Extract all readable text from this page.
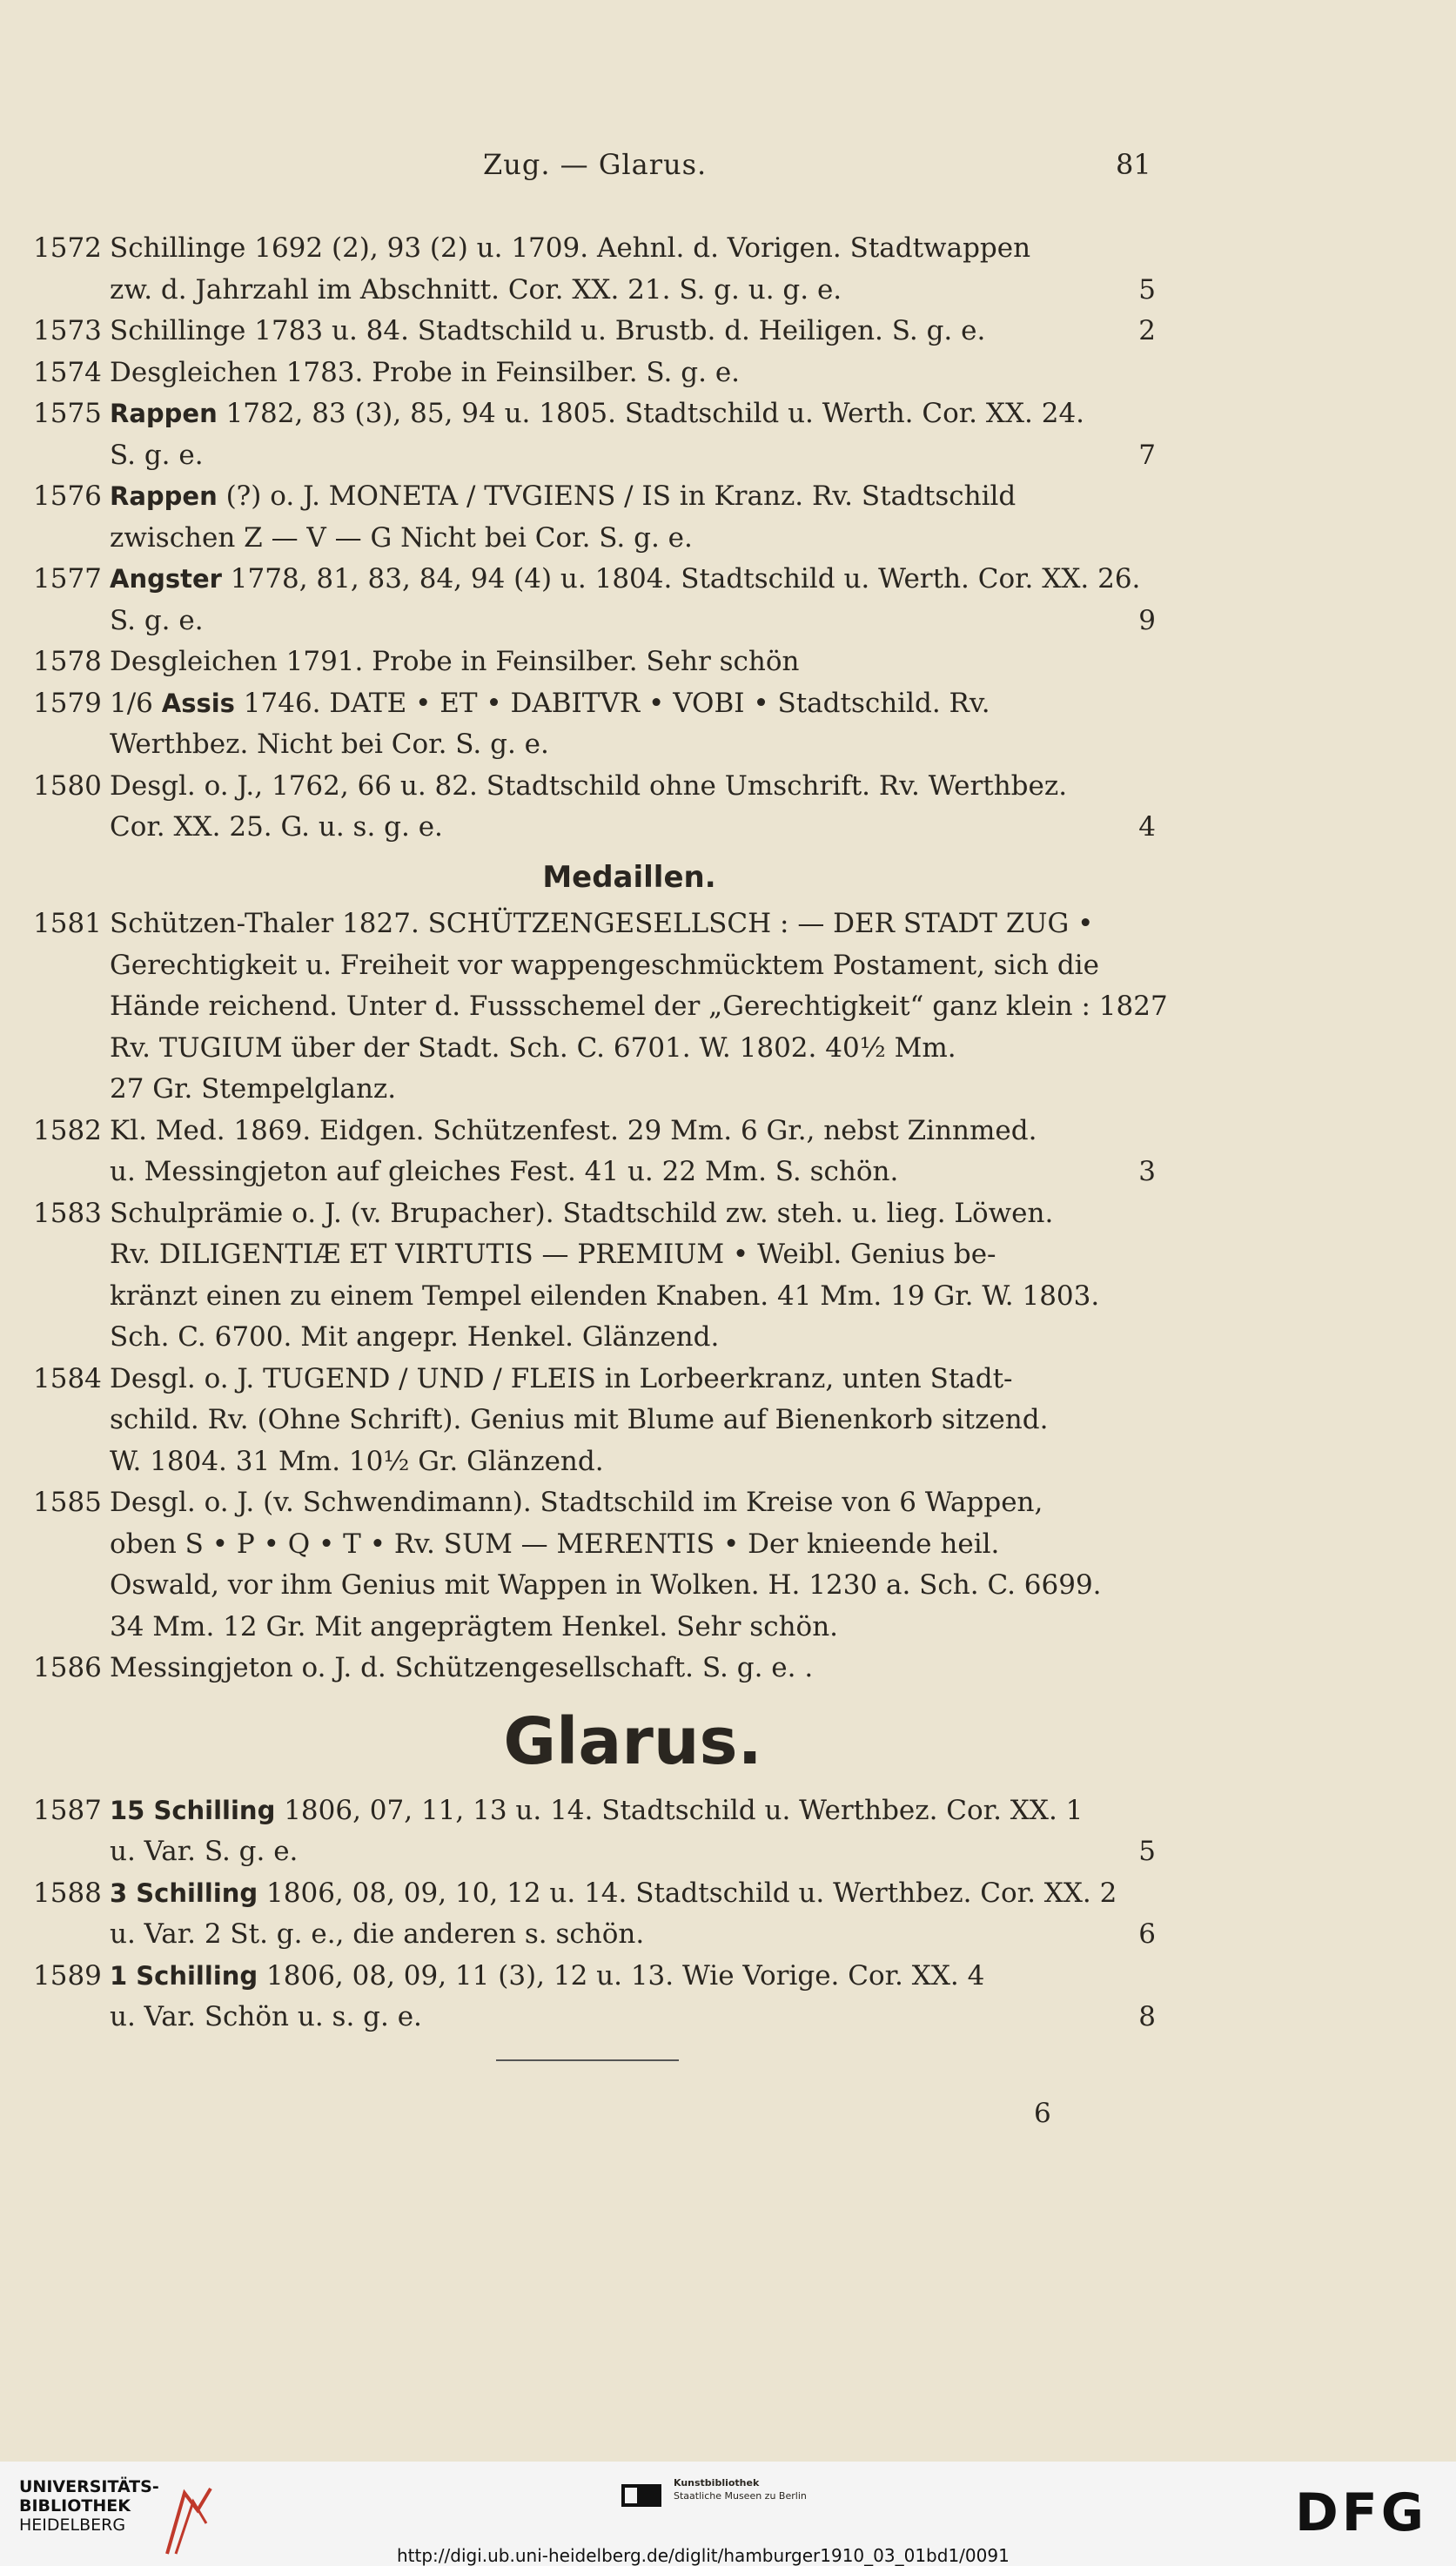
Zug. — Glarus.	81
1572 Schillinge 1692 (2), 93 (2) u. 1709. Aehnl. d. Vorigen. Stadtwappen
zw. d. Jahrzahl im Abschnitt. Cor. XX. 21. S. g. u. g. e.	5
1573 Schillinge 1783 u. 84. Stadtschild u. Brustb. d. Heiligen. S. g. e.	2
1574 Desgleichen 1783. Probe in Feinsilber. S. g. e.
1575 Rappen 1782, 83 (3), 85, 94 u. 1805. Stadtschild u. Werth. Cor. XX. 24.
S. g. e.	7
1576 Rappen (?) o. J. MONETA / TVGIENS / IS in Kranz. Rv. Stadtschild
zwischen Z — V — G Nicht bei Cor. S. g. e.
1577 Angster 1778, 81, 83, 84, 94 (4) u. 1804. Stadtschild u. Werth. Cor. XX. 26.
S. g. e.	9
1578 Desgleichen 1791. Probe in Feinsilber. Sehr schön
1579 1/6 Assis 1746. DATE • ET • DABITVR • VOBI • Stadtschild. Rv.
Werthbez. Nicht bei Cor. S. g. e.
1580 Desgl. o. J., 1762, 66 u. 82. Stadtschild ohne Umschrift. Rv. Werthbez.
Cor. XX. 25. G. u. s. g. e.	4
Medaillen.
1581 Schützen-Thaler 1827. SCHÜTZENGESELLSCH : — DER STADT ZUG •
Gerechtigkeit u. Freiheit vor wappengeschmücktem Postament, sich die
Hände reichend. Unter d. Fussschemel der „Gerechtigkeit“ ganz klein : 1827
Rv. TUGIUM über der Stadt. Sch. C. 6701. W. 1802. 40½ Mm.
27 Gr. Stempelglanz.
1582 Kl. Med. 1869. Eidgen. Schützenfest. 29 Mm. 6 Gr., nebst Zinnmed.
u. Messingjeton auf gleiches Fest. 41 u. 22 Mm. S. schön.	3
1583 Schulprämie o. J. (v. Brupacher). Stadtschild zw. steh. u. lieg. Löwen.
Rv. DILIGENTIÆ ET VIRTUTIS — PREMIUM • Weibl. Genius be-
kränzt einen zu einem Tempel eilenden Knaben. 41 Mm. 19 Gr. W. 1803.
Sch. C. 6700. Mit angepr. Henkel. Glänzend.
1584 Desgl. o. J. TUGEND / UND / FLEIS in Lorbeerkranz, unten Stadt-
schild. Rv. (Ohne Schrift). Genius mit Blume auf Bienenkorb sitzend.
W. 1804. 31 Mm. 10½ Gr. Glänzend.
1585 Desgl. o. J. (v. Schwendimann). Stadtschild im Kreise von 6 Wappen,
oben S • P • Q • T • Rv. SUM — MERENTIS • Der knieende heil.
Oswald, vor ihm Genius mit Wappen in Wolken. H. 1230 a. Sch. C. 6699.
34 Mm. 12 Gr. Mit angeprägtem Henkel. Sehr schön.
1586 Messingjeton o. J. d. Schützengesellschaft. S. g. e. .
Glarus.
1587 15 Schilling 1806, 07, 11, 13 u. 14. Stadtschild u. Werthbez. Cor. XX. 1
u. Var. S. g. e.	5
1588 3 Schilling 1806, 08, 09, 10, 12 u. 14. Stadtschild u. Werthbez. Cor. XX. 2
u. Var. 2 St. g. e., die anderen s. schön.	6
1589 1 Schilling 1806, 08, 09, 11 (3), 12 u. 13. Wie Vorige. Cor. XX. 4
u. Var. Schön u. s. g. e.	8
6
UNIVERSITÄTS-
BIBLIOTHEK
HEIDELBERG
Kunstbibliothek
Staatliche Museen zu Berlin	DFG
http://digi.ub.uni-heidelberg.de/diglit/hamburger1910_03_01bd1/0091
